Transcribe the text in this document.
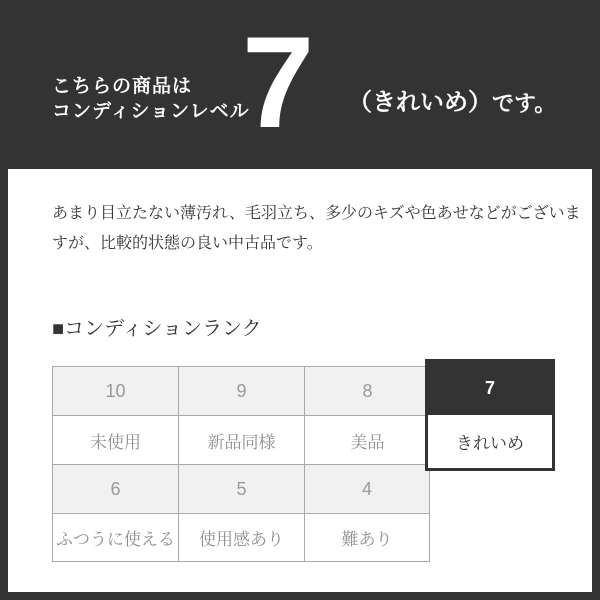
こちらの商品は
コンディションレベル
7 （きれいめ） です。

あまり目立たない薄汚れ、毛羽立ち、多少のキズや色あせなどがございま
すが、比較的状態の良い中古品です。

■コンディションランク
10	9	8
未使用	新品同様	美品
6	5	4
ふつうに使える	使用感あり	難あり
7
きれいめ
